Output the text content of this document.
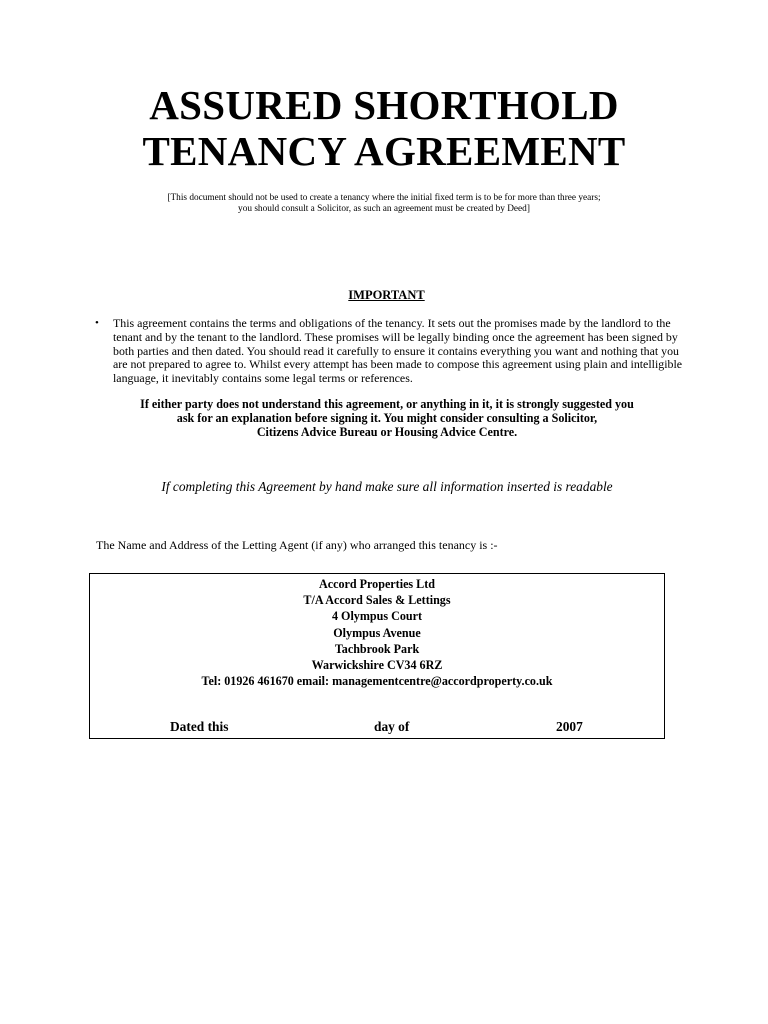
ASSURED SHORTHOLD
TENANCY AGREEMENT
[This document should not be used to create a tenancy where the initial fixed term is to be for more than three years;
you should consult a Solicitor, as such an agreement must be created by Deed]
IMPORTANT
• This agreement contains the terms and obligations of the tenancy. It sets out the promises made by the landlord to the
tenant and by the tenant to the landlord. These promises will be legally binding once the agreement has been signed by
both parties and then dated. You should read it carefully to ensure it contains everything you want and nothing that you
are not prepared to agree to. Whilst every attempt has been made to compose this agreement using plain and intelligible
language, it inevitably contains some legal terms or references.
If either party does not understand this agreement, or anything in it, it is strongly suggested you
ask for an explanation before signing it. You might consider consulting a Solicitor,
Citizens Advice Bureau or Housing Advice Centre.
If completing this Agreement by hand make sure all information inserted is readable
The Name and Address of the Letting Agent (if any) who arranged this tenancy is :-
Accord Properties Ltd
T/A Accord Sales & Lettings
4 Olympus Court
Olympus Avenue
Tachbrook Park
Warwickshire CV34 6RZ
Tel: 01926 461670 email: managementcentre@accordproperty.co.uk
Dated this	day of	2007
